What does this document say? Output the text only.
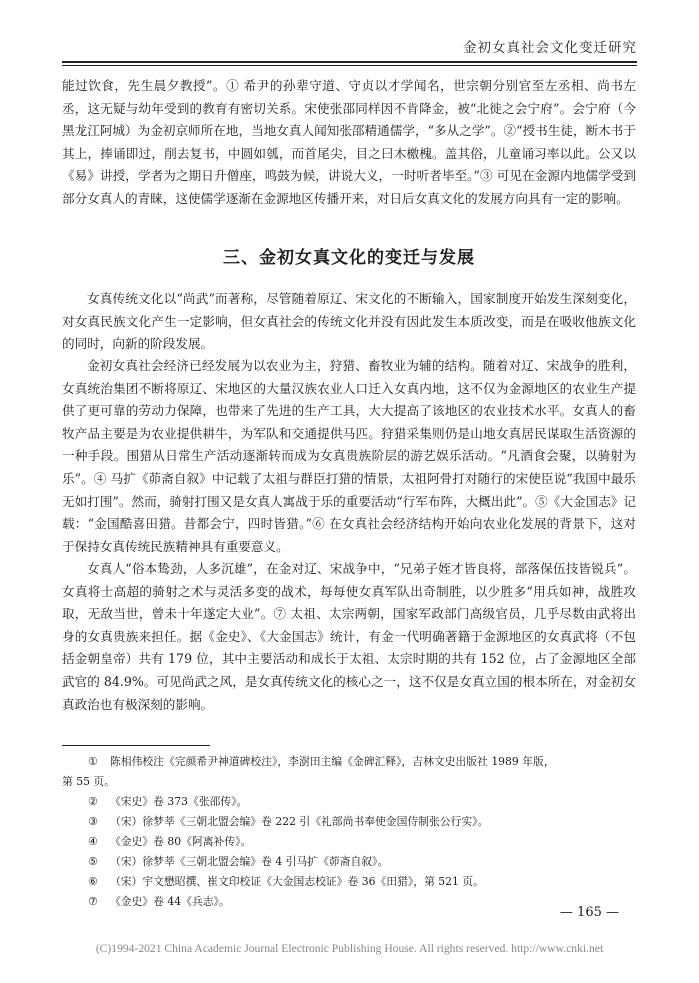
金初女真社会文化变迁研究

能过饮食，先生晨夕教授”。① 希尹的孙辈守道、守贞以才学闻名，世宗朝分别官至左丞相、尚书左丞，这无疑与幼年受到的教育有密切关系。宋使张邵同样因不肯降金，被“北徙之会宁府”。会宁府（今黑龙江阿城）为金初京师所在地，当地女真人闻知张邵精通儒学，“多从之学”。②“授书生徒，断木书于其上，捧诵即过，削去复书，中圆如瓠，而首尾尖，目之曰木檄槐。盖其俗，儿童诵习率以此。公又以《易》讲授，学者为之期日升僧座，鸣鼓为候，讲说大义，一时听者毕至。”③ 可见在金源内地儒学受到部分女真人的青睐，这使儒学逐渐在金源地区传播开来，对日后女真文化的发展方向具有一定的影响。

三、金初女真文化的变迁与发展

女真传统文化以“尚武”而著称，尽管随着原辽、宋文化的不断输入，国家制度开始发生深刻变化，对女真民族文化产生一定影响，但女真社会的传统文化并没有因此发生本质改变，而是在吸收他族文化的同时，向新的阶段发展。

金初女真社会经济已经发展为以农业为主，狩猎、畜牧业为辅的结构。随着对辽、宋战争的胜利，女真统治集团不断将原辽、宋地区的大量汉族农业人口迁入女真内地，这不仅为金源地区的农业生产提供了更可靠的劳动力保障，也带来了先进的生产工具，大大提高了该地区的农业技术水平。女真人的畜牧产品主要是为农业提供耕牛，为军队和交通提供马匹。狩猎采集则仍是山地女真居民谋取生活资源的一种手段。围猎从日常生产活动逐渐转而成为女真贵族阶层的游艺娱乐活动。“凡酒食会聚，以骑射为乐”。④ 马扩《茆斋自叙》中记载了太祖与群臣打猎的情景，太祖阿骨打对随行的宋使臣说“我国中最乐无如打围”。然而，骑射打围又是女真人寓战于乐的重要活动“行军布阵，大概出此”。⑤《大金国志》记载：“金国酷喜田猎。昔都会宁，四时皆猎。”⑥ 在女真社会经济结构开始向农业化发展的背景下，这对于保持女真传统民族精神具有重要意义。

女真人“俗本鸷劲，人多沉雄”，在金对辽、宋战争中，“兄弟子姪才皆良将，部落保伍技皆锐兵”。女真将士高超的骑射之术与灵活多变的战术，每每使女真军队出奇制胜，以少胜多“用兵如神，战胜攻取，无敌当世，曾未十年遂定大业”。⑦ 太祖、太宗两朝，国家军政部门高级官员，几乎尽数由武将出身的女真贵族来担任。据《金史》、《大金国志》统计，有金一代明确著籍于金源地区的女真武将（不包括金朝皇帝）共有 179 位，其中主要活动和成长于太祖、太宗时期的共有 152 位，占了金源地区全部武官的 84.9%。可见尚武之风，是女真传统文化的核心之一，这不仅是女真立国的根本所在，对金初女真政治也有极深刻的影响。

①	陈相伟校注《完颜希尹神道碑校注》，李澍田主编《金碑汇释》，吉林文史出版社 1989 年版，
第 55 页。
②	《宋史》卷 373《张邵传》。
③	（宋）徐梦莘《三朝北盟会编》卷 222 引《礼部尚书奉使金国侍制张公行实》。
④	《金史》卷 80《阿离补传》。
⑤	（宋）徐梦莘《三朝北盟会编》卷 4 引马扩《茆斋自叙》。
⑥	（宋）宇文懋昭撰、崔文印校证《大金国志校证》卷 36《田猎》，第 521 页。
⑦	《金史》卷 44《兵志》。
— 165 —
(C)1994-2021 China Academic Journal Electronic Publishing House. All rights reserved. http://www.cnki.net
